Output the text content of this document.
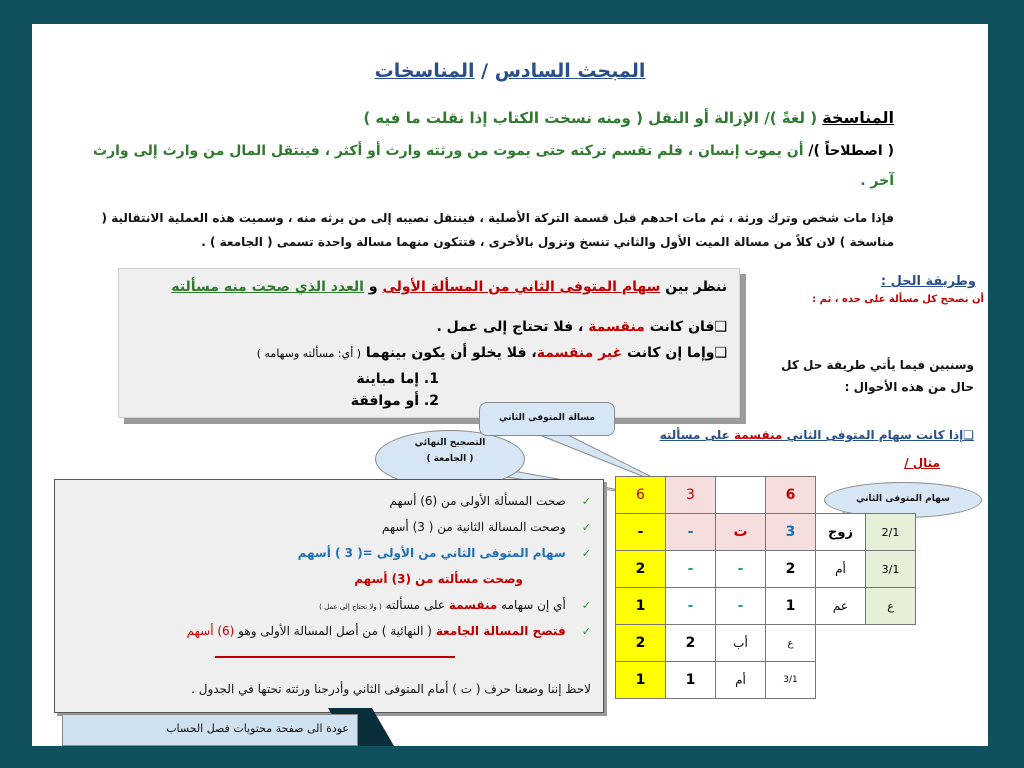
المبحث السادس / المناسخات
المناسخة ( لغةً )/ الإزالة أو النقل ( ومنه نسخت الكتاب إذا نقلت ما فيه )
( اصطلاحاً )/ أن يموت إنسان ، فلم تقسم تركته حتى يموت من ورثته وارث أو أكثر ، فينتقل المال من وارث إلى وارث آخر .
فإذا مات شخص وترك ورثة ، ثم مات احدهم قبل قسمة التركة الأصلية ، فينتقل نصيبه إلى من يرثه منه ، وسميت هذه العملية الانتقالية ( مناسخة ) لان كلاً من مسالة الميت الأول والثاني تنسخ وتزول بالأخرى ، فتتكون منهما مسالة واحدة تسمى ( الجامعة ) .
ننظر بين سهام المتوفى الثاني من المسألة الأولى و العدد الذي صحت منه مسألته
❑فان كانت منقسمة ، فلا تحتاج إلى عمل .
❑وإما إن كانت غير منقسمة، فلا يخلو أن يكون بينهما ( أي: مسألته وسهامه )
1. إما مباينة
2. أو موافقة
وطريقة الحل :
أن نصحح كل مسألة على حده ، ثم :
وسنبين فيما يأتي طريقة حل كل حال من هذه الأحوال :
❑إذا كانت سهام المتوفى الثاني منقسمة على مسألته
مثال /
التصحيح النهائي
( الجامعة )
مسالة المتوفى الثاني
سهام المتوفى الثاني
✓صحت المسألة الأولى من (6) أسهم
✓وصحت المسالة الثانية من ( 3) أسهم
✓سهام المتوفى الثاني من الأولى =( 3 ) أسهم
وصحت مسألته من (3) أسهم
✓أي إن سهامه منقسمة على مسألته ( ولا نحتاج إلى عمل )
✓فتصح المسالة الجامعة ( النهائية ) من أصل المسالة الأولى وهو (6) أسهم
لاحظ إننا وضعنا حرف ( ت ) أمام المتوفى الثاني وأدرجنا ورثته تحتها في الجدول .
6	3		6		
-	-	ت	3	زوج	2/1
2	-	-	2	أم	3/1
1	-	-	1	عم	ع
2	2	أب	ع		
1	1	أم	3/1		
عودة الى صفحة محتويات فصل الحساب
